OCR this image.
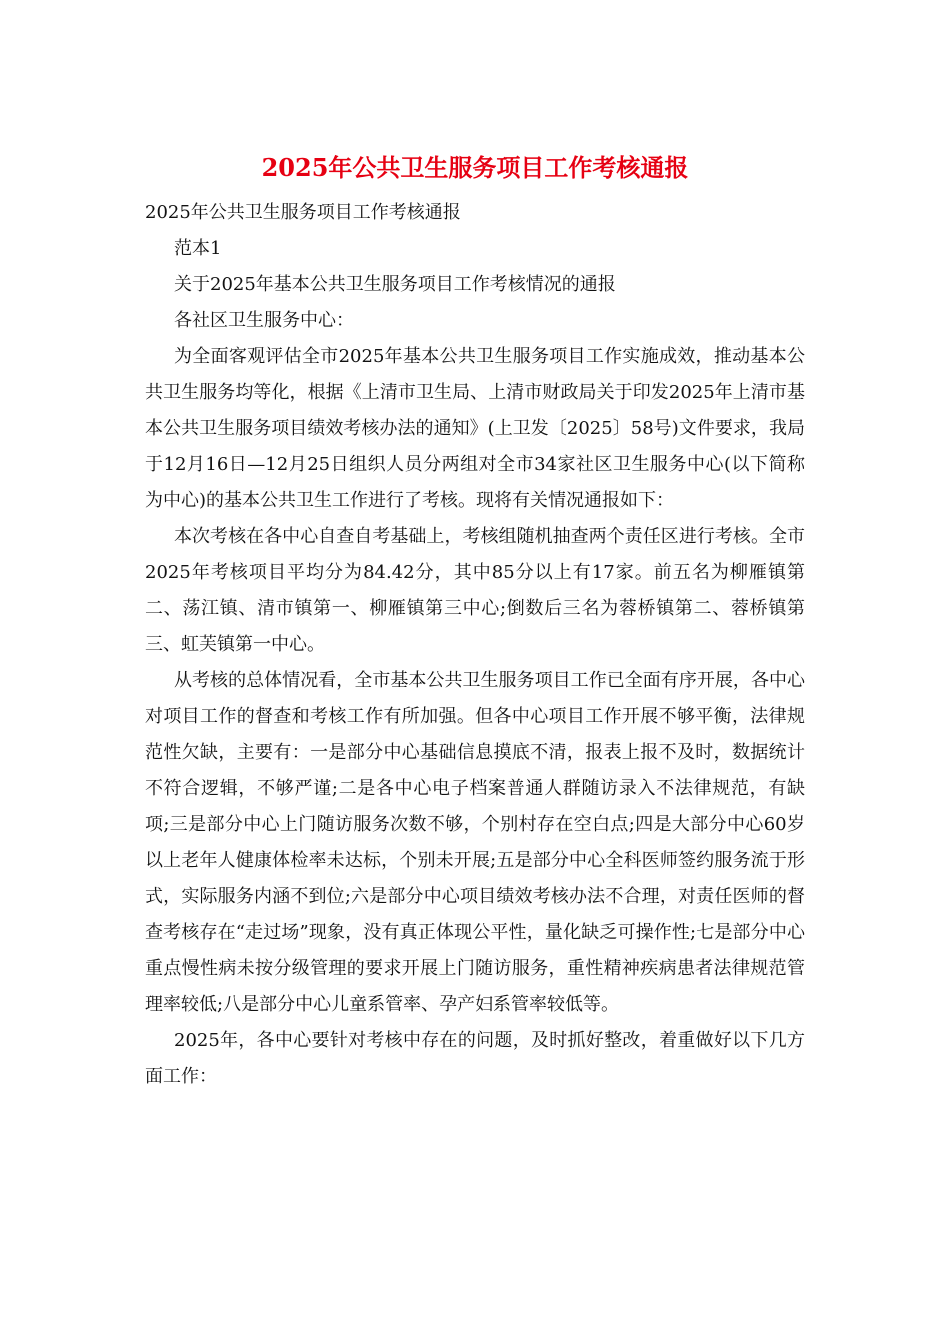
2025年公共卫生服务项目工作考核通报

2025年公共卫生服务项目工作考核通报

范本1

关于2025年基本公共卫生服务项目工作考核情况的通报

各社区卫生服务中心：

为全面客观评估全市2025年基本公共卫生服务项目工作实施成效，推动基本公共卫生服务均等化，根据《上清市卫生局、上清市财政局关于印发2025年上清市基本公共卫生服务项目绩效考核办法的通知》(上卫发〔2025〕58号)文件要求，我局于12月16日—12月25日组织人员分两组对全市34家社区卫生服务中心(以下简称为中心)的基本公共卫生工作进行了考核。现将有关情况通报如下：

本次考核在各中心自查自考基础上，考核组随机抽查两个责任区进行考核。全市2025年考核项目平均分为84.42分，其中85分以上有17家。前五名为柳雁镇第二、荡江镇、清市镇第一、柳雁镇第三中心;倒数后三名为蓉桥镇第二、蓉桥镇第三、虹芙镇第一中心。

从考核的总体情况看，全市基本公共卫生服务项目工作已全面有序开展，各中心对项目工作的督查和考核工作有所加强。但各中心项目工作开展不够平衡，法律规范性欠缺，主要有：一是部分中心基础信息摸底不清，报表上报不及时，数据统计不符合逻辑，不够严谨;二是各中心电子档案普通人群随访录入不法律规范，有缺项;三是部分中心上门随访服务次数不够，个别村存在空白点;四是大部分中心60岁以上老年人健康体检率未达标，个别未开展;五是部分中心全科医师签约服务流于形式，实际服务内涵不到位;六是部分中心项目绩效考核办法不合理，对责任医师的督查考核存在“走过场”现象，没有真正体现公平性，量化缺乏可操作性;七是部分中心重点慢性病未按分级管理的要求开展上门随访服务，重性精神疾病患者法律规范管理率较低;八是部分中心儿童系管率、孕产妇系管率较低等。

2025年，各中心要针对考核中存在的问题，及时抓好整改，着重做好以下几方面工作：
